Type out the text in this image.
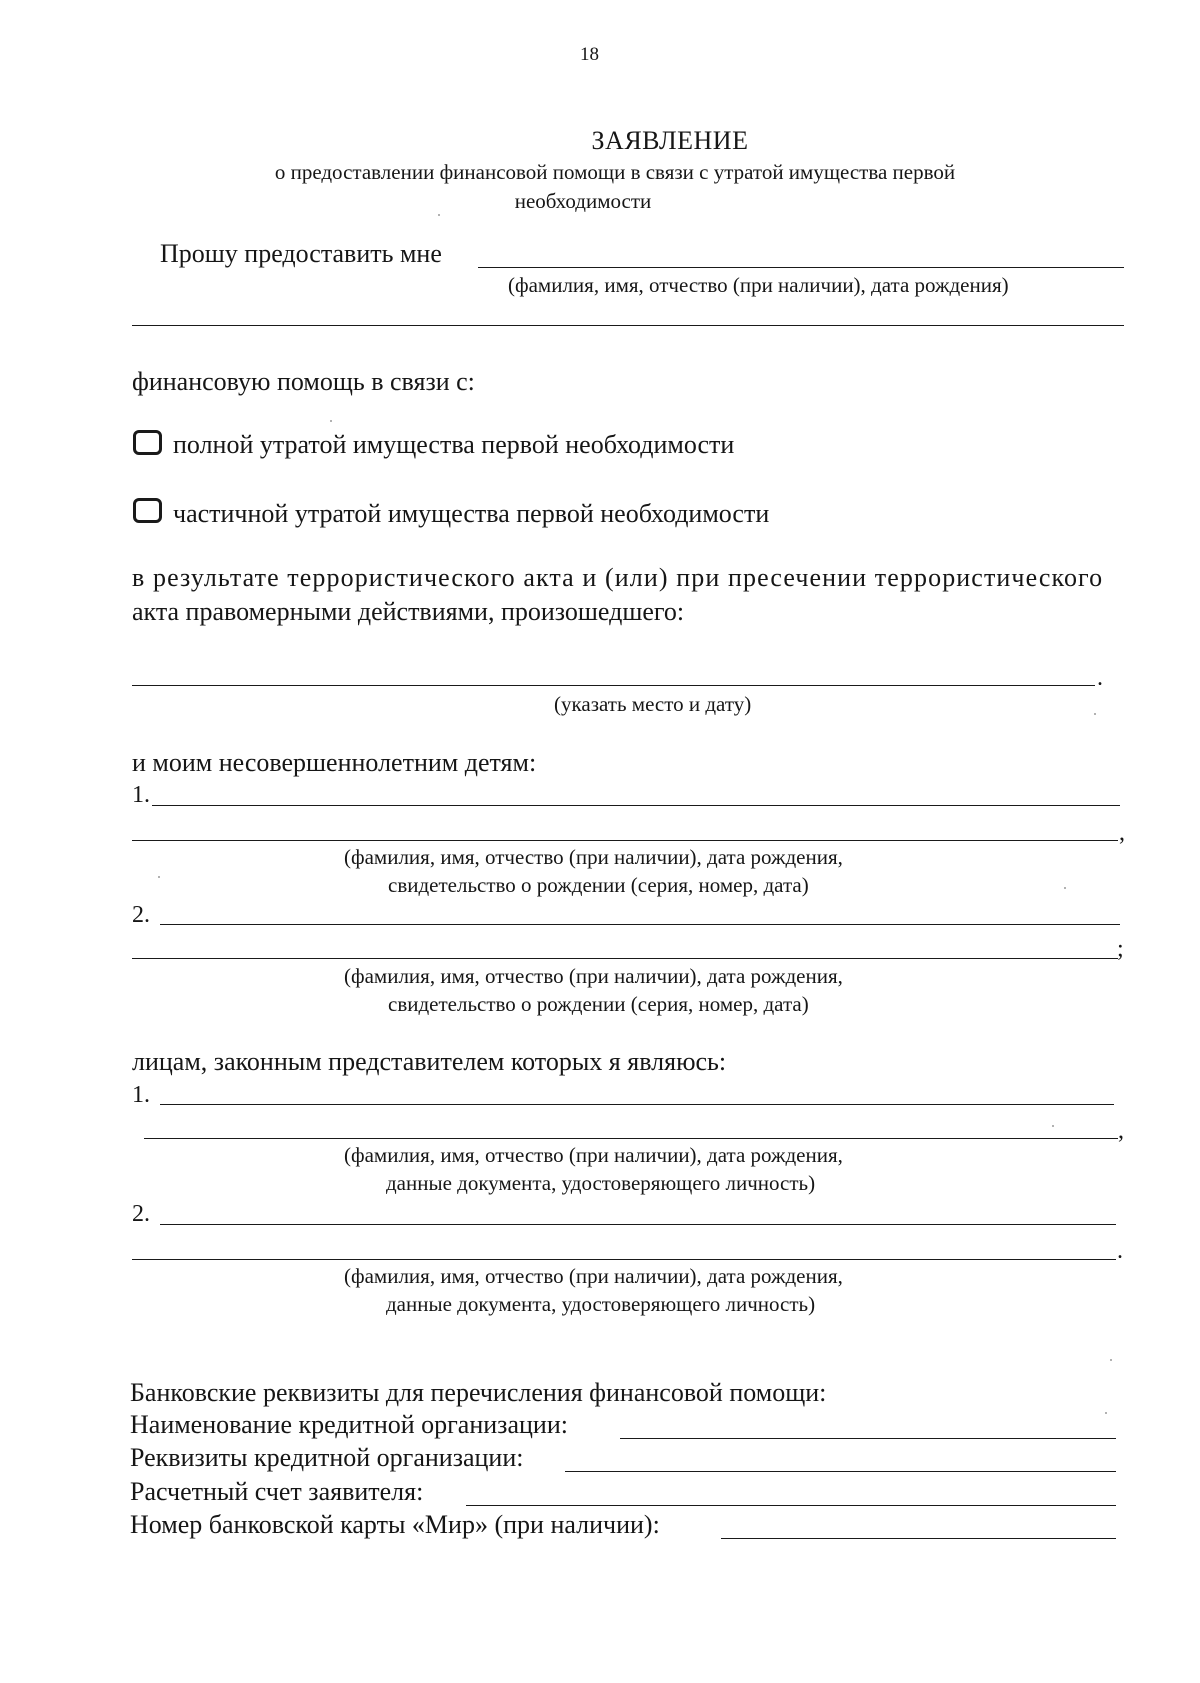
18
ЗАЯВЛЕНИЕ
о предоставлении финансовой помощи в связи с утратой имущества первой
необходимости
Прошу предоставить мне
(фамилия, имя, отчество (при наличии), дата рождения)
финансовую помощь в связи с:
полной утратой имущества первой необходимости
частичной утратой имущества первой необходимости
в результате террористического акта и (или) при пресечении террористического
акта правомерными действиями, произошедшего:
.
(указать место и дату)
и моим несовершеннолетним детям:
1.
,
(фамилия, имя, отчество (при наличии), дата рождения,
свидетельство о рождении (серия, номер, дата)
2.
;
(фамилия, имя, отчество (при наличии), дата рождения,
свидетельство о рождении (серия, номер, дата)
лицам, законным представителем которых я являюсь:
1.
,
(фамилия, имя, отчество (при наличии), дата рождения,
данные документа, удостоверяющего личность)
2.
.
(фамилия, имя, отчество (при наличии), дата рождения,
данные документа, удостоверяющего личность)
Банковские реквизиты для перечисления финансовой помощи:
Наименование кредитной организации:
Реквизиты кредитной организации:
Расчетный счет заявителя:
Номер банковской карты «Мир» (при наличии):
